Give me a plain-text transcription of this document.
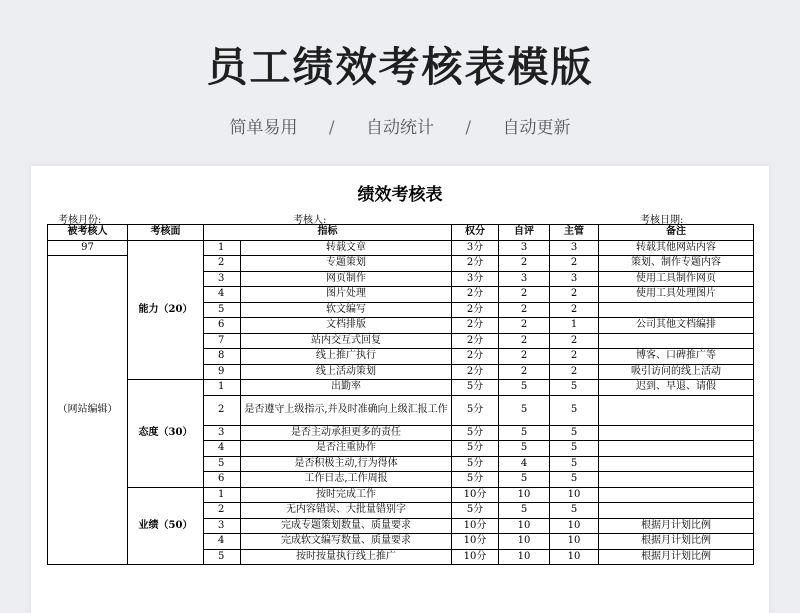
员工绩效考核表模版
简单易用 / 自动统计 / 自动更新
绩效考核表
考核月份:	考核人:	考核日期:
被考核人	考核面	指标		权分	自评	主管	备注
97	能力（20）	1	转载文章	3分	3	3	转载其他网站内容
（网站编辑）		2	专题策划	2分	2	2	策划、制作专题内容
		3	网页制作	3分	3	3	使用工具制作网页
		4	图片处理	2分	2	2	使用工具处理图片
		5	软文编写	2分	2	2	
		6	文档排版	2分	2	1	公司其他文档编排
		7	站内交互式回复	2分	2	2	
		8	线上推广执行	2分	2	2	博客、口碑推广等
		9	线上活动策划	2分	2	2	吸引访问的线上活动
	态度（30）	1	出勤率	5分	5	5	迟到、早退、请假
		2	是否遵守上级指示,并及时准确向上级汇报工作	5分	5	5	
		3	是否主动承担更多的责任	5分	5	5	
		4	是否注重协作	5分	5	5	
		5	是否积极主动,行为得体	5分	4	5	
		6	工作日志,工作周报	5分	5	5	
	业绩（50）	1	按时完成工作	10分	10	10	
		2	无内容错误、大批量错别字	5分	5	5	
		3	完成专题策划数量、质量要求	10分	10	10	根据月计划比例
		4	完成软文编写数量、质量要求	10分	10	10	根据月计划比例
		5	按时按量执行线上推广	10分	10	10	根据月计划比例
